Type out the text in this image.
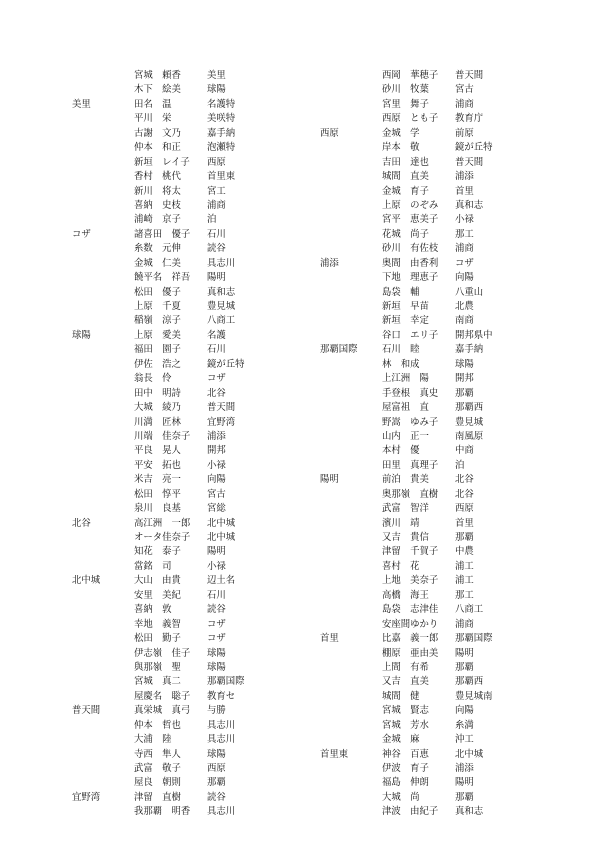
宮城　頼香	美里
木下　絵美	球陽
美里	田名　温	名護特
平川　栄	美咲特
古謝　文乃	嘉手納
仲本　和正	泡瀬特
新垣　レイ子 西原
香村　桃代	首里東
新川　将太	宮工
喜納　史枝	浦商
浦崎　京子	泊
コザ	諸喜田　優子 石川
糸数　元伸	読谷
金城　仁美	具志川
饒平名　祥吾 陽明
松田　優子	真和志
上原　千夏	豊見城
稲嶺　涼子	八商工
球陽	上原　愛美	名護
福田　園子	石川
伊佐　浩之	鏡が丘特
翁長　伶	コザ
田中　明詩	北谷
大城　綾乃	普天間
川満　匠林	宜野湾
川端　佳奈子 浦添
平良　晃人	開邦
平安　拓也	小禄
米吉　亮一	向陽
松田　惇平	宮古
泉川　良基	宮総
北谷	高江洲　一郎 北中城
オータ佳奈子 北中城
知花　泰子	陽明
當銘　司	小禄
北中城	大山　由貴	辺土名
安里　美紀	石川
喜納　敦	読谷
幸地　義智	コザ
松田　勤子	コザ
伊志嶺　佳子 球陽
與那嶺　聖	球陽
宮城　真二	那覇国際
屋慶名　聡子 教育セ
普天間	真栄城　真弓 与勝
仲本　哲也	具志川
大浦　陸	具志川
寺西　隼人	球陽
武富　敬子	西原
屋良　朝則	那覇
宜野湾	津留　直樹	読谷
我那覇　明香 具志川
西岡　華穂子 普天間
砂川　牧葉	宮古
宮里　舞子	浦商
西原　とも子 教育庁
西原	金城　学	前原
岸本　敬	鏡が丘特
吉田　達也	普天間
城間　直美	浦添
金城　育子	首里
上原　のぞみ 真和志
宮平　恵美子 小禄
花城　尚子	那工
砂川　有佐枝 浦商
浦添	奥間　由香利 コザ
下地　理恵子 向陽
島袋　輔	八重山
新垣　早苗	北農
新垣　幸定	南商
谷口　エリ子 開邦県中
那覇国際	石川　睦	嘉手納
林　和成	球陽
上江洲　陽	開邦
手登根　真史 那覇
屋富祖　直	那覇西
野嵩　ゆみ子 豊見城
山内　正一	南風原
本村　優	中商
田里　真理子 泊
陽明	前泊　貴美	北谷
奥那嶺　直樹 北谷
武富　智洋	西原
濱川　靖	首里
又吉　貴信	那覇
津留　千賀子 中農
喜村　花	浦工
上地　美奈子 浦工
高橋　海王	那工
島袋　志津佳 八商工
安座間ゆかり 浦商
首里	比嘉　義一郎 那覇国際
棚原　亜由美 陽明
上間　有希	那覇
又吉　直美	那覇西
城間　健	豊見城南
宮城　賢志	向陽
宮城　芳水	糸満
金城　麻	沖工
首里東	神谷　百恵	北中城
伊波　育子	浦添
福島　伸朗	陽明
大城　尚	那覇
津波　由紀子 真和志
